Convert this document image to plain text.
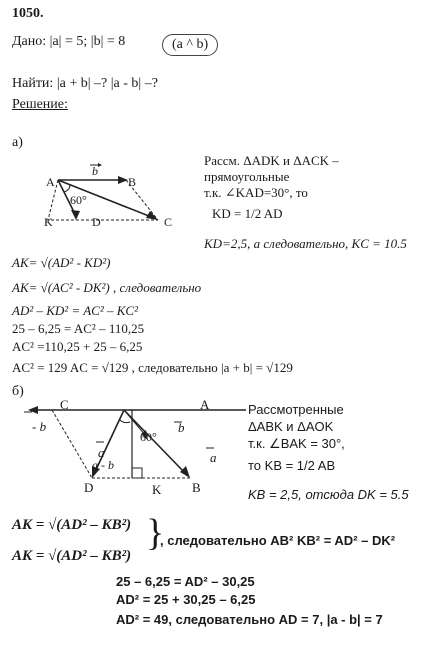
1050.
Дано: |a| = 5; |b| = 8	(a ^ b)
Найти: |a + b| –? |a - b| –?
Решение:
а)
b
A	B
K	D	C
60°
Рассм. ΔADK и ΔACK –
прямоугольные
т.к. ∠KAD=30°, то
KD = 1/2 AD
KD=2,5, а следовательно, KC = 10.5
AK= √(AD² - KD²)
AK= √(AC² - DK²) , следовательно
AD² – KD² = AC² – KC²
25 – 6,25 = AC² – 110,25
AC² =110,25 + 25 – 6,25
AC² = 129 AC = √129 , следовательно |a + b| = √129
б)
C	A
D	K B
- b	b
a
a - b	a
60°
Рассмотренные
ΔABK и ΔAOK
т.к. ∠BAK = 30°,
то KB = 1/2 AB
KB = 2,5, отсюда DK = 5.5
AK = √(AD² – KB²)
AK = √(AD² – KB²)
}
, следовательно AB² KB² = AD² – DK²
25 – 6,25 = AD² – 30,25
AD² = 25 + 30,25 – 6,25
AD² = 49, следовательно AD = 7, |a - b| = 7
